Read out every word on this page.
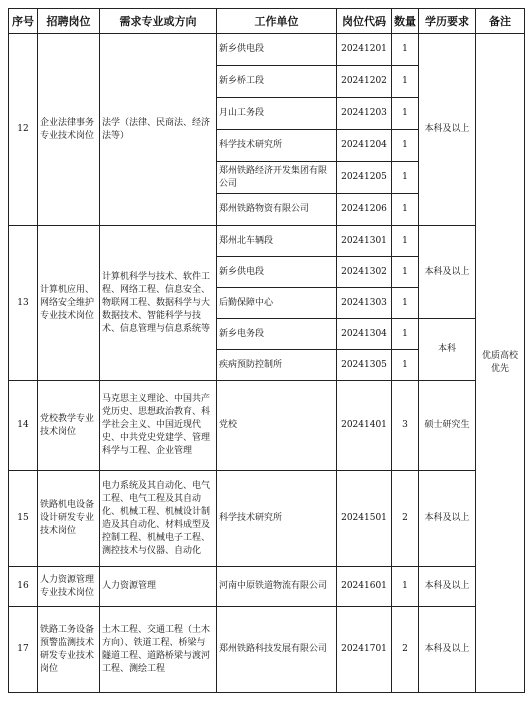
序号	招聘岗位	需求专业或方向	工作单位	岗位代码	数量	学历要求	备注
12	企业法律事务专业技术岗位	法学（法律、民商法、经济法等）	新乡供电段	20241201	1	本科及以上	优质高校优先
			新乡桥工段	20241202	1		
			月山工务段	20241203	1		
			科学技术研究所	20241204	1		
			郑州铁路经济开发集团有限公司	20241205	1		
			郑州铁路物资有限公司	20241206	1		
13	计算机应用、网络安全维护专业技术岗位	计算机科学与技术、软件工程、网络工程、信息安全、物联网工程、数据科学与大数据技术、智能科学与技术、信息管理与信息系统等	郑州北车辆段	20241301	1	本科及以上	
			新乡供电段	20241302	1		
			后勤保障中心	20241303	1		
			新乡电务段	20241304	1	本科	
			疾病预防控制所	20241305	1		
14	党校教学专业技术岗位	马克思主义理论、中国共产党历史、思想政治教育、科学社会主义、中国近现代史、中共党史党建学、管理科学与工程、企业管理	党校	20241401	3	硕士研究生	
15	铁路机电设备设计研发专业技术岗位	电力系统及其自动化、电气工程、电气工程及其自动化、机械工程、机械设计制造及其自动化、材料成型及控制工程、机械电子工程、测控技术与仪器、自动化	科学技术研究所	20241501	2	本科及以上	
16	人力资源管理专业技术岗位	人力资源管理	河南中原铁道物流有限公司	20241601	1	本科及以上	
17	铁路工务设备预警监测技术研发专业技术岗位	土木工程、交通工程（土木方向）、铁道工程、桥梁与隧道工程、道路桥梁与渡河工程、测绘工程	郑州铁路科技发展有限公司	20241701	2	本科及以上	
